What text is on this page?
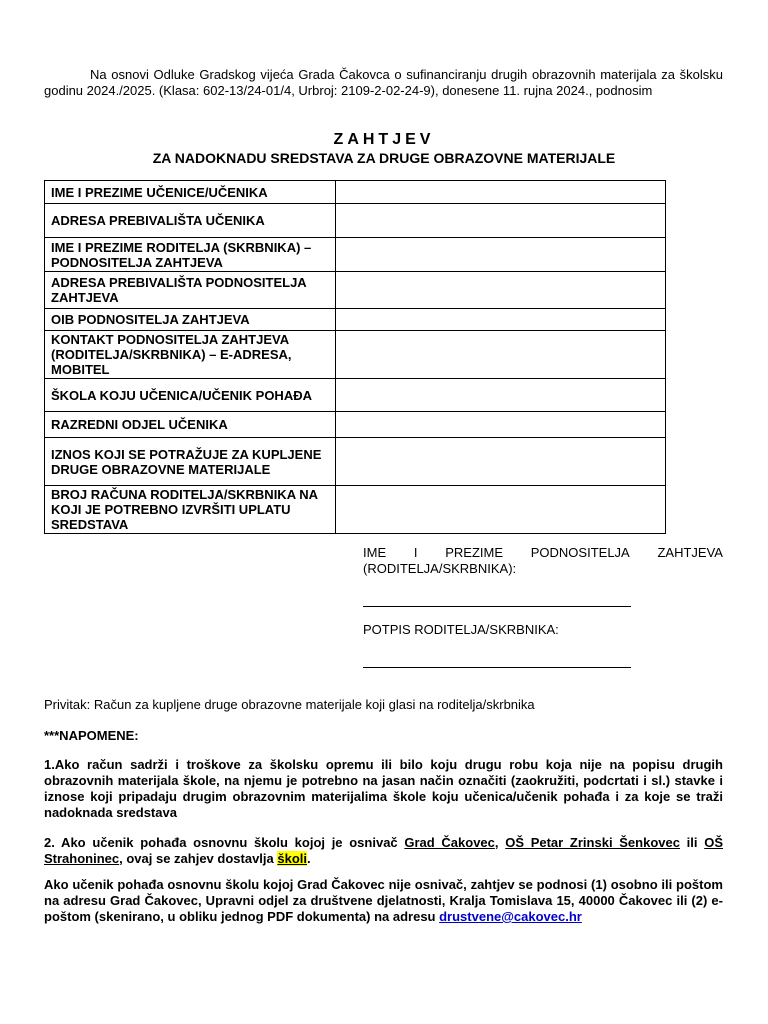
Na osnovi Odluke Gradskog vijeća Grada Čakovca o sufinanciranju drugih obrazovnih materijala za školsku godinu 2024./2025. (Klasa: 602-13/24-01/4, Urbroj: 2109-2-02-24-9), donesene 11. rujna 2024., podnosim
ZAHTJEV
ZA NADOKNADU SREDSTAVA ZA DRUGE OBRAZOVNE MATERIJALE
IME I PREZIME UČENICE/UČENIKA	
ADRESA PREBIVALIŠTA UČENIKA	
IME I PREZIME RODITELJA (SKRBNIKA) – PODNOSITELJA ZAHTJEVA	
ADRESA PREBIVALIŠTA PODNOSITELJA ZAHTJEVA	
OIB PODNOSITELJA ZAHTJEVA	
KONTAKT PODNOSITELJA ZAHTJEVA (RODITELJA/SKRBNIKA) – E-ADRESA, MOBITEL	
ŠKOLA KOJU UČENICA/UČENIK POHAĐA	
RAZREDNI ODJEL UČENIKA	
IZNOS KOJI SE POTRAŽUJE ZA KUPLJENE DRUGE OBRAZOVNE MATERIJALE	
BROJ RAČUNA RODITELJA/SKRBNIKA NA KOJI JE POTREBNO IZVRŠITI UPLATU SREDSTAVA	
IME I PREZIME PODNOSITELJA ZAHTJEVA
(RODITELJA/SKRBNIKA):
POTPIS RODITELJA/SKRBNIKA:
Privitak: Račun za kupljene druge obrazovne materijale koji glasi na roditelja/skrbnika
***NAPOMENE:
1.Ako račun sadrži i troškove za školsku opremu ili bilo koju drugu robu koja nije na popisu drugih obrazovnih materijala škole, na njemu je potrebno na jasan način označiti (zaokružiti, podcrtati i sl.) stavke i iznose koji pripadaju drugim obrazovnim materijalima škole koju učenica/učenik pohađa i za koje se traži nadoknada sredstava
2. Ako učenik pohađa osnovnu školu kojoj je osnivač Grad Čakovec, OŠ Petar Zrinski Šenkovec ili OŠ Strahoninec, ovaj se zahjev dostavlja školi.
Ako učenik pohađa osnovnu školu kojoj Grad Čakovec nije osnivač, zahtjev se podnosi (1) osobno ili poštom na adresu Grad Čakovec, Upravni odjel za društvene djelatnosti, Kralja Tomislava 15, 40000 Čakovec ili (2) e-poštom (skenirano, u obliku jednog PDF dokumenta) na adresu drustvene@cakovec.hr
